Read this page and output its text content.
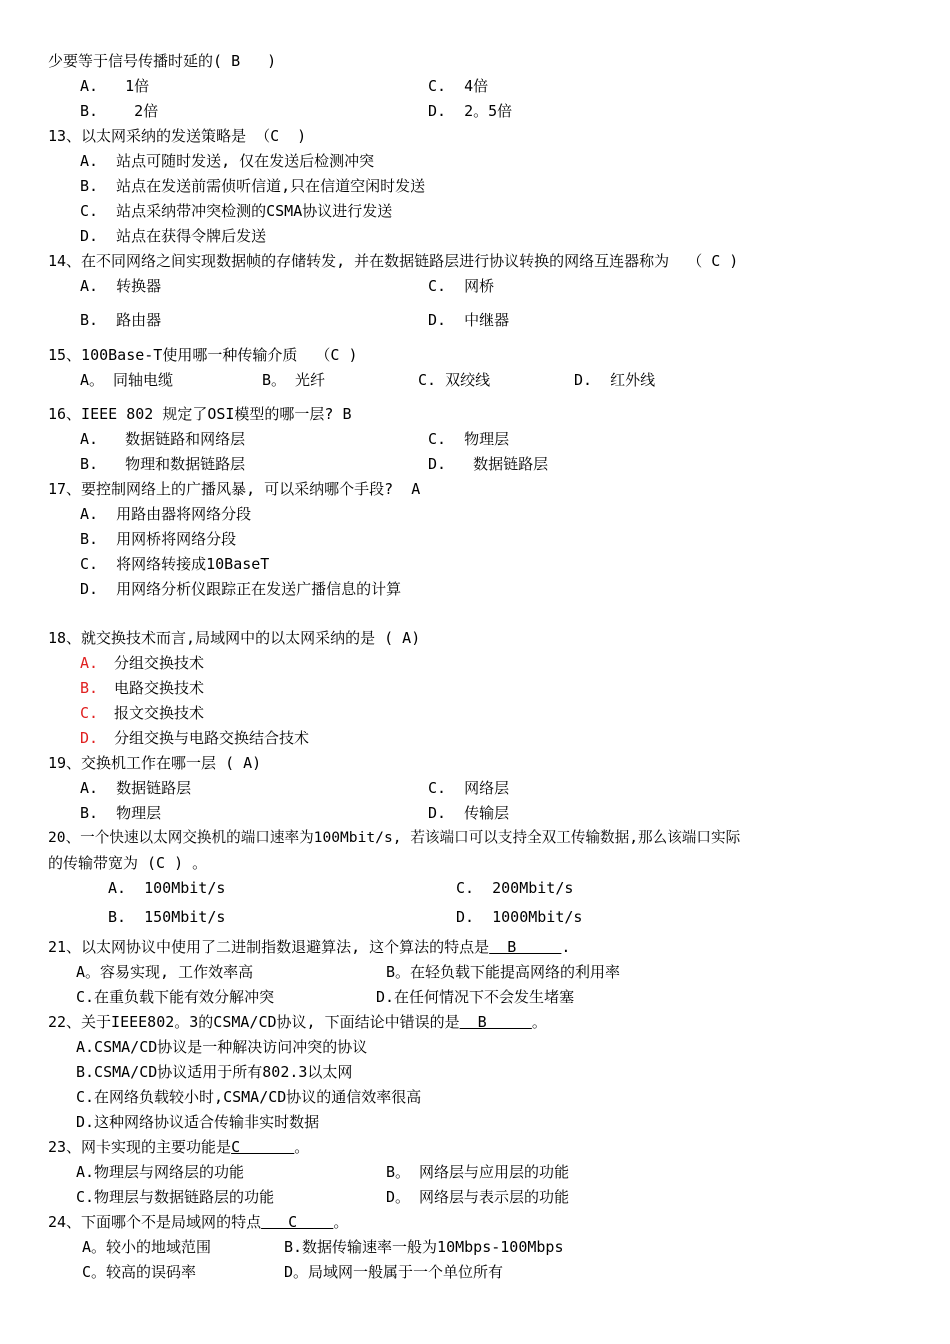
少要等于信号传播时延的( B   )
A.   1倍	C.  4倍
B.    2倍	D.  2。5倍
13、以太网采纳的发送策略是 （C  )
A.  站点可随时发送, 仅在发送后检测冲突
B.  站点在发送前需侦听信道,只在信道空闲时发送
C.  站点采纳带冲突检测的CSMA协议进行发送
D.  站点在获得令牌后发送
14、在不同网络之间实现数据帧的存储转发, 并在数据链路层进行协议转换的网络互连器称为  （ C )
A.  转换器	C.  网桥
B.  路由器	D.  中继器
15、100Base-T使用哪一种传输介质  （C )
A。 同轴电缆	B。 光纤	C. 双绞线	D.  红外线
16、IEEE 802 规定了OSI模型的哪一层? B
A.   数据链路和网络层	C.  物理层
B.   物理和数据链路层	D.   数据链路层
17、要控制网络上的广播风暴, 可以采纳哪个手段?  A
A.  用路由器将网络分段
B.  用网桥将网络分段
C.  将网络转接成10BaseT
D.  用网络分析仪跟踪正在发送广播信息的计算
18、就交换技术而言,局域网中的以太网采纳的是 ( A)
A. 分组交换技术
B. 电路交换技术
C. 报文交换技术
D. 分组交换与电路交换结合技术
19、交换机工作在哪一层 ( A)
A.  数据链路层	C.  网络层
B.  物理层	D.  传输层
20、一个快速以太网交换机的端口速率为100Mbit/s, 若该端口可以支持全双工传输数据,那么该端口实际
的传输带宽为 (C ) 。
A.  100Mbit/s	C.  200Mbit/s
B.  150Mbit/s	D.  1000Mbit/s
21、以太网协议中使用了二进制指数退避算法, 这个算法的特点是  B     .
A。容易实现, 工作效率高	B。在轻负载下能提高网络的利用率
C.在重负载下能有效分解冲突	D.在任何情况下不会发生堵塞
22、关于IEEE802。3的CSMA/CD协议, 下面结论中错误的是  B     。
A.CSMA/CD协议是一种解决访问冲突的协议
B.CSMA/CD协议适用于所有802.3以太网
C.在网络负载较小时,CSMA/CD协议的通信效率很高
D.这种网络协议适合传输非实时数据
23、网卡实现的主要功能是C      。
A.物理层与网络层的功能	B。 网络层与应用层的功能
C.物理层与数据链路层的功能	D。 网络层与表示层的功能
24、下面哪个不是局域网的特点   C    。
A。较小的地域范围	B.数据传输速率一般为10Mbps-100Mbps
C。较高的误码率	D。局域网一般属于一个单位所有
